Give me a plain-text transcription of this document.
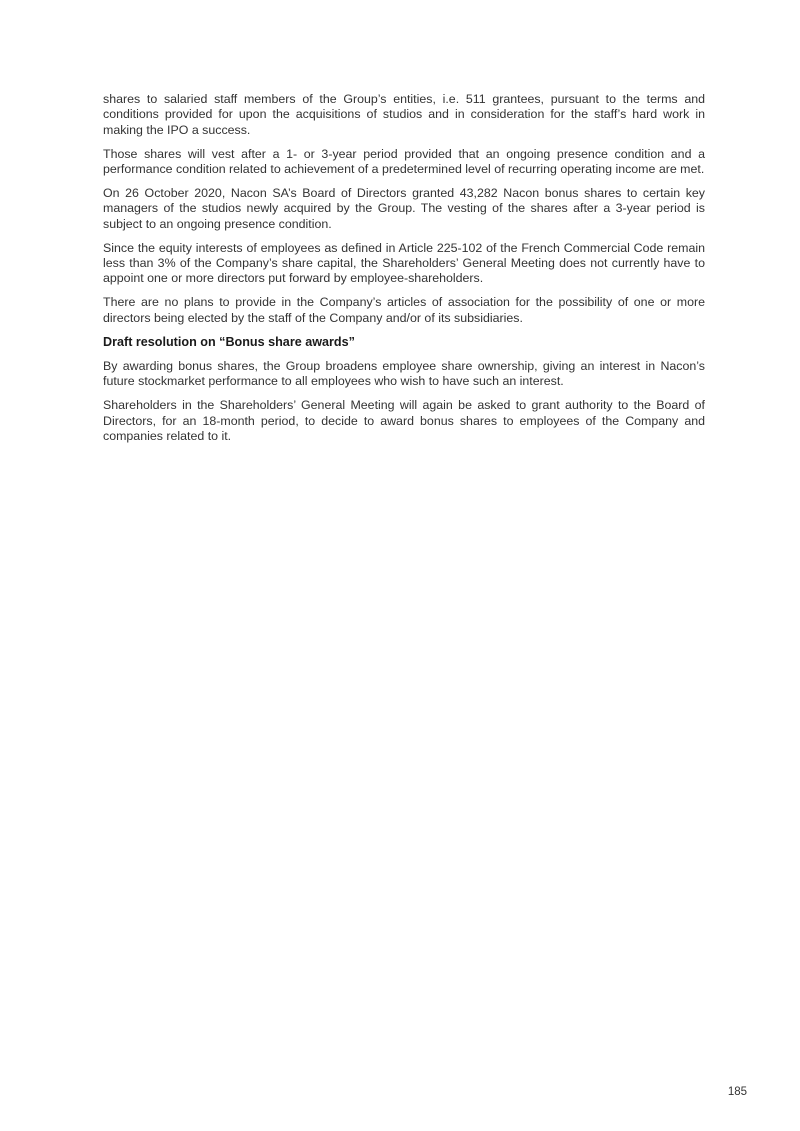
shares to salaried staff members of the Group’s entities, i.e. 511 grantees, pursuant to the terms and conditions provided for upon the acquisitions of studios and in consideration for the staff’s hard work in making the IPO a success.

Those shares will vest after a 1- or 3-year period provided that an ongoing presence condition and a performance condition related to achievement of a predetermined level of recurring operating income are met.

On 26 October 2020, Nacon SA’s Board of Directors granted 43,282 Nacon bonus shares to certain key managers of the studios newly acquired by the Group. The vesting of the shares after a 3-year period is subject to an ongoing presence condition.

Since the equity interests of employees as defined in Article 225-102 of the French Commercial Code remain less than 3% of the Company’s share capital, the Shareholders’ General Meeting does not currently have to appoint one or more directors put forward by employee-shareholders.

There are no plans to provide in the Company’s articles of association for the possibility of one or more directors being elected by the staff of the Company and/or of its subsidiaries.

Draft resolution on “Bonus share awards”

By awarding bonus shares, the Group broadens employee share ownership, giving an interest in Nacon’s future stockmarket performance to all employees who wish to have such an interest.

Shareholders in the Shareholders’ General Meeting will again be asked to grant authority to the Board of Directors, for an 18-month period, to decide to award bonus shares to employees of the Company and companies related to it.

185
